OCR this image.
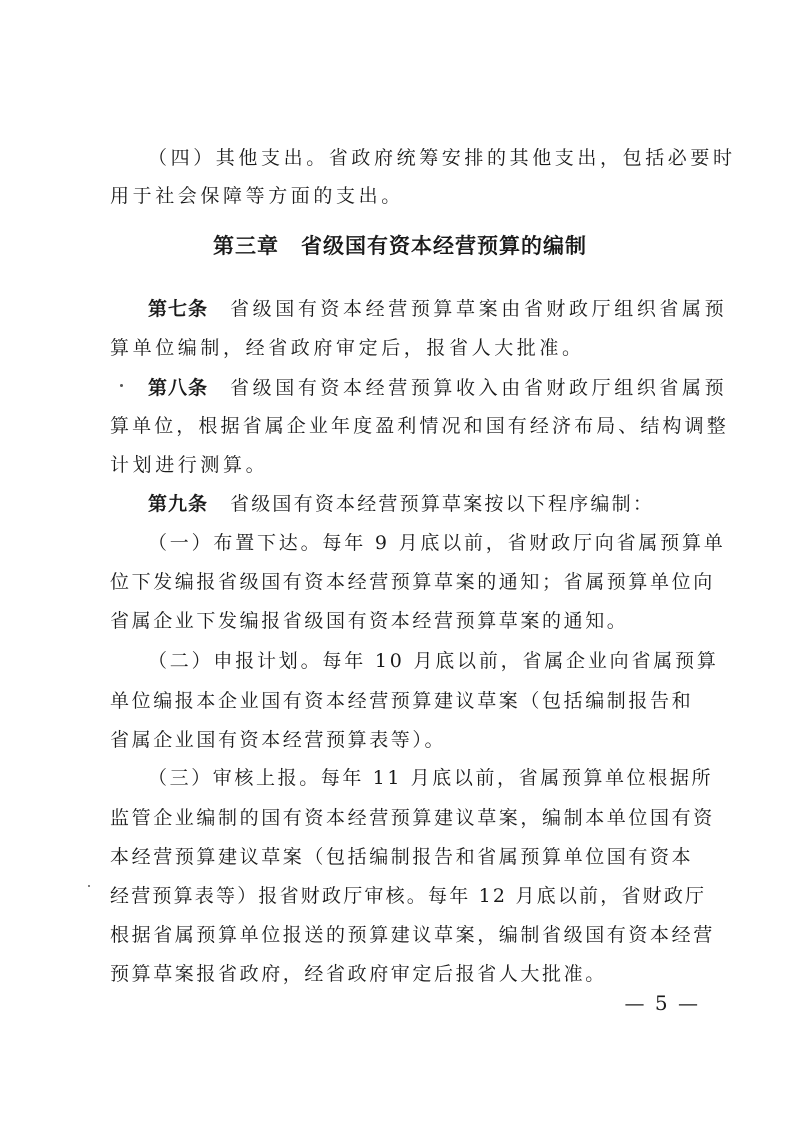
（四）其他支出。省政府统筹安排的其他支出，包括必要时
用于社会保障等方面的支出。
第三章 省级国有资本经营预算的编制
第七条 省级国有资本经营预算草案由省财政厅组织省属预
算单位编制，经省政府审定后，报省人大批准。
第八条 省级国有资本经营预算收入由省财政厅组织省属预
算单位，根据省属企业年度盈利情况和国有经济布局、结构调整
计划进行测算。
第九条 省级国有资本经营预算草案按以下程序编制：
（一）布置下达。每年 9 月底以前，省财政厅向省属预算单
位下发编报省级国有资本经营预算草案的通知；省属预算单位向
省属企业下发编报省级国有资本经营预算草案的通知。
（二）申报计划。每年 10 月底以前，省属企业向省属预算
单位编报本企业国有资本经营预算建议草案（包括编制报告和
省属企业国有资本经营预算表等）。
（三）审核上报。每年 11 月底以前，省属预算单位根据所
监管企业编制的国有资本经营预算建议草案，编制本单位国有资
本经营预算建议草案（包括编制报告和省属预算单位国有资本
经营预算表等）报省财政厅审核。每年 12 月底以前，省财政厅
根据省属预算单位报送的预算建议草案，编制省级国有资本经营
预算草案报省政府，经省政府审定后报省人大批准。
— 5 —
